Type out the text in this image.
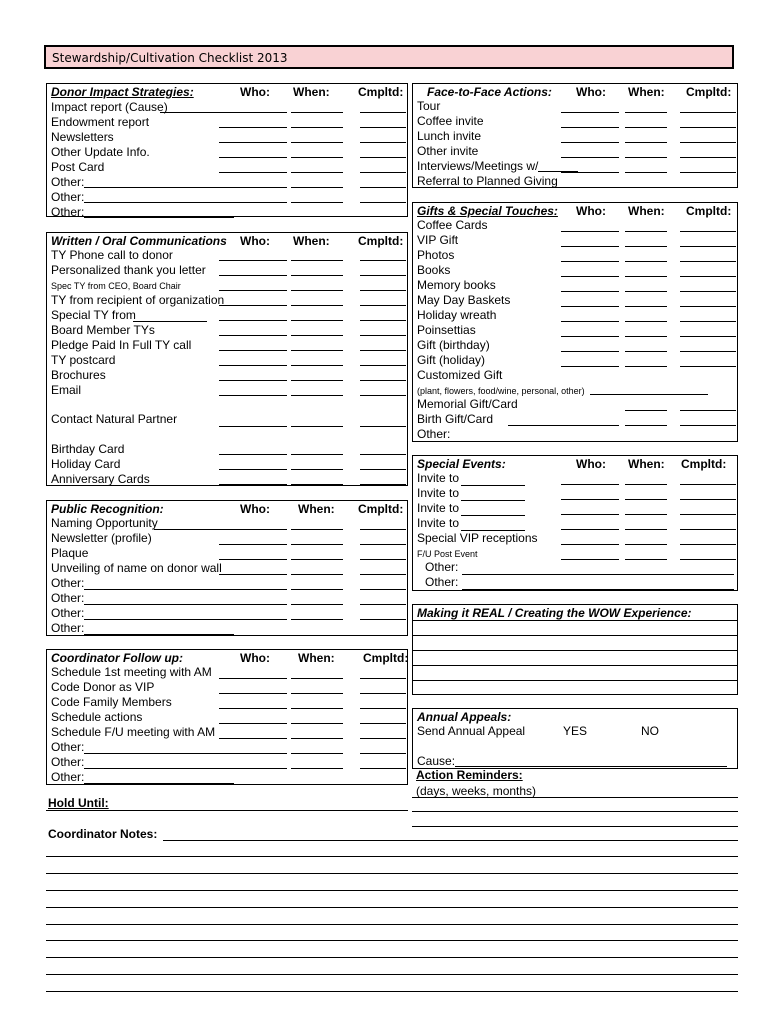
Stewardship/Cultivation Checklist 2013
Donor Impact Strategies:	Who: When: Cmpltd:
Impact report (Cause)
Endowment report
Newsletters
Other Update Info.
Post Card
Other:
Other:
Other:
Written / Oral Communications Who: When: Cmpltd:
TY Phone call to donor
Personalized thank you letter
Spec TY from CEO, Board Chair
TY from recipient of organization
Special TY from
Board Member TYs
Pledge Paid In Full TY call
TY postcard
Brochures
Email
Contact Natural Partner
Birthday Card
Holiday Card
Anniversary Cards
Public Recognition:	Who: When: Cmpltd:
Naming Opportunity
Newsletter (profile)
Plaque
Unveiling of name on donor wall
Other:
Other:
Other:
Other:
Coordinator Follow up:	Who: When: Cmpltd:
Schedule 1st meeting with AM
Code Donor as VIP
Code Family Members
Schedule actions
Schedule F/U meeting with AM
Other:
Other:
Other:
Hold Until:
Coordinator Notes:
Face-to-Face Actions: Who: When: Cmpltd:
Tour
Coffee invite
Lunch invite
Other invite
Interviews/Meetings w/
Referral to Planned Giving
Gifts & Special Touches: Who: When: Cmpltd:
Coffee Cards
VIP Gift
Photos
Books
Memory books
May Day Baskets
Holiday wreath
Poinsettias
Gift (birthday)
Gift (holiday)
Customized Gift
(plant, flowers, food/wine, personal, other)
Memorial Gift/Card
Birth Gift/Card
Other:
Special Events:	Who: When: Cmpltd:
Invite to
Invite to
Invite to
Invite to
Special VIP receptions
F/U Post Event
Other:
Other:
Making it REAL / Creating the WOW Experience:
Annual Appeals:
Send Annual Appeal	YES	NO
Cause:
Action Reminders:
(days, weeks, months)
